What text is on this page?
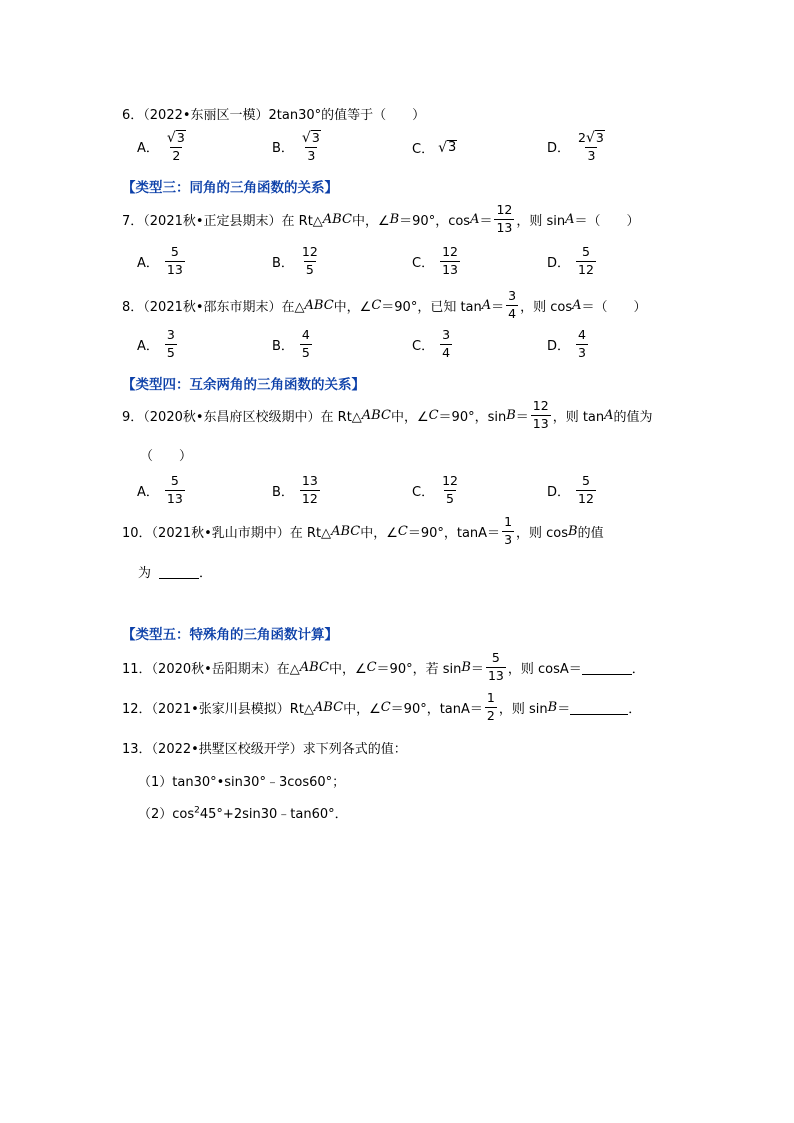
6．（2022•东丽区一模）2tan30°的值等于（　　）
A． $\frac{√ 3}{2}$	B． $\frac{√ 3}{3}$	C． √ 3	D． $\frac{2 √ 3}{3}$
【类型三：同角的三角函数的关系】
7．（2021秋•正定县期末）在 Rt△ ABC 中，∠ B ＝90°，$\cos A = \frac{12}{13}$ ，则 sin A ＝（　　）
A． $\frac{5}{13}$	B． $\frac{12}{5}$	C． $\frac{12}{13}$	D． $\frac{5}{12}$
8．（2021秋•邵东市期末）在△ ABC 中，∠ C ＝90°，已知 $\tan A = \frac{3}{4}$ ，则 cos A ＝（　　）
A． $\frac{3}{5}$	B． $\frac{4}{5}$	C． $\frac{3}{4}$	D． $\frac{4}{3}$
【类型四：互余两角的三角函数的关系】
9．（2020秋•东昌府区校级期中）在 Rt△ ABC 中，∠ C ＝90°，$\sin B = \frac{12}{13}$ ，则 tan A 的值为
（　　）
A． $\frac{5}{13}$	B． $\frac{13}{12}$	C． $\frac{12}{5}$	D． $\frac{5}{12}$
10．（2021秋•乳山市期中）在 Rt△ ABC 中，∠ C ＝90°，$\tan A= \frac{1}{3}$ ，则 cos B 的值
为	．
【类型五：特殊角的三角函数计算】
11．（2020秋•岳阳期末）在△ ABC 中，∠ C ＝90°，若 $\sin B = \frac{5}{13}$ ，则 cosA＝	．
12．（2021•张家川县模拟）Rt△ ABC 中，∠ C ＝90°，$\tan A= \frac{1}{2}$ ，则 sin B ＝	．
13．（2022•拱墅区校级开学）求下列各式的值：
（1）tan30°•sin30°﹣3cos60°；
$(2)\cos^245^\circ+2\sin 30﹣\tan 60^\circ$．
